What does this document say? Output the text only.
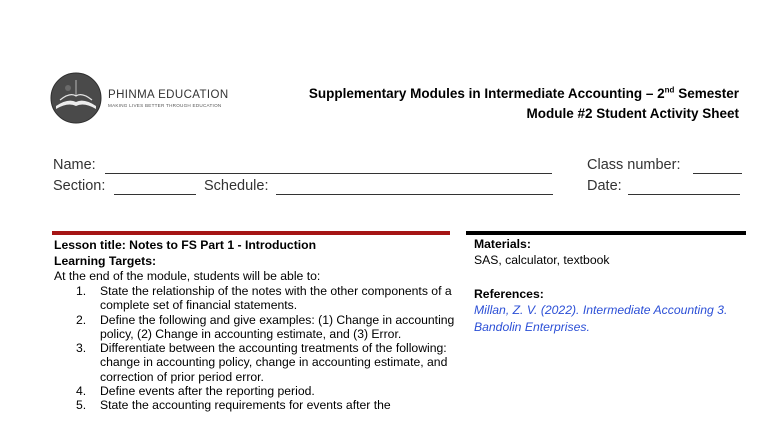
PHINMA EDUCATION
MAKING LIVES BETTER THROUGH EDUCATION
Supplementary Modules in Intermediate Accounting – 2nd Semester
Module #2 Student Activity Sheet
Name:	Class number:
Section:	Schedule:	Date:
Lesson title: Notes to FS Part 1 - Introduction
Learning Targets:
At the end of the module, students will be able to:
1. State the relationship of the notes with the other components of a complete set of financial statements.
2. Define the following and give examples: (1) Change in accounting policy, (2) Change in accounting estimate, and (3) Error.
3. Differentiate between the accounting treatments of the following: change in accounting policy, change in accounting estimate, and correction of prior period error.
4. Define events after the reporting period.
5. State the accounting requirements for events after the
Materials:
SAS, calculator, textbook
References:
Millan, Z. V. (2022). Intermediate Accounting 3. Bandolin Enterprises.
